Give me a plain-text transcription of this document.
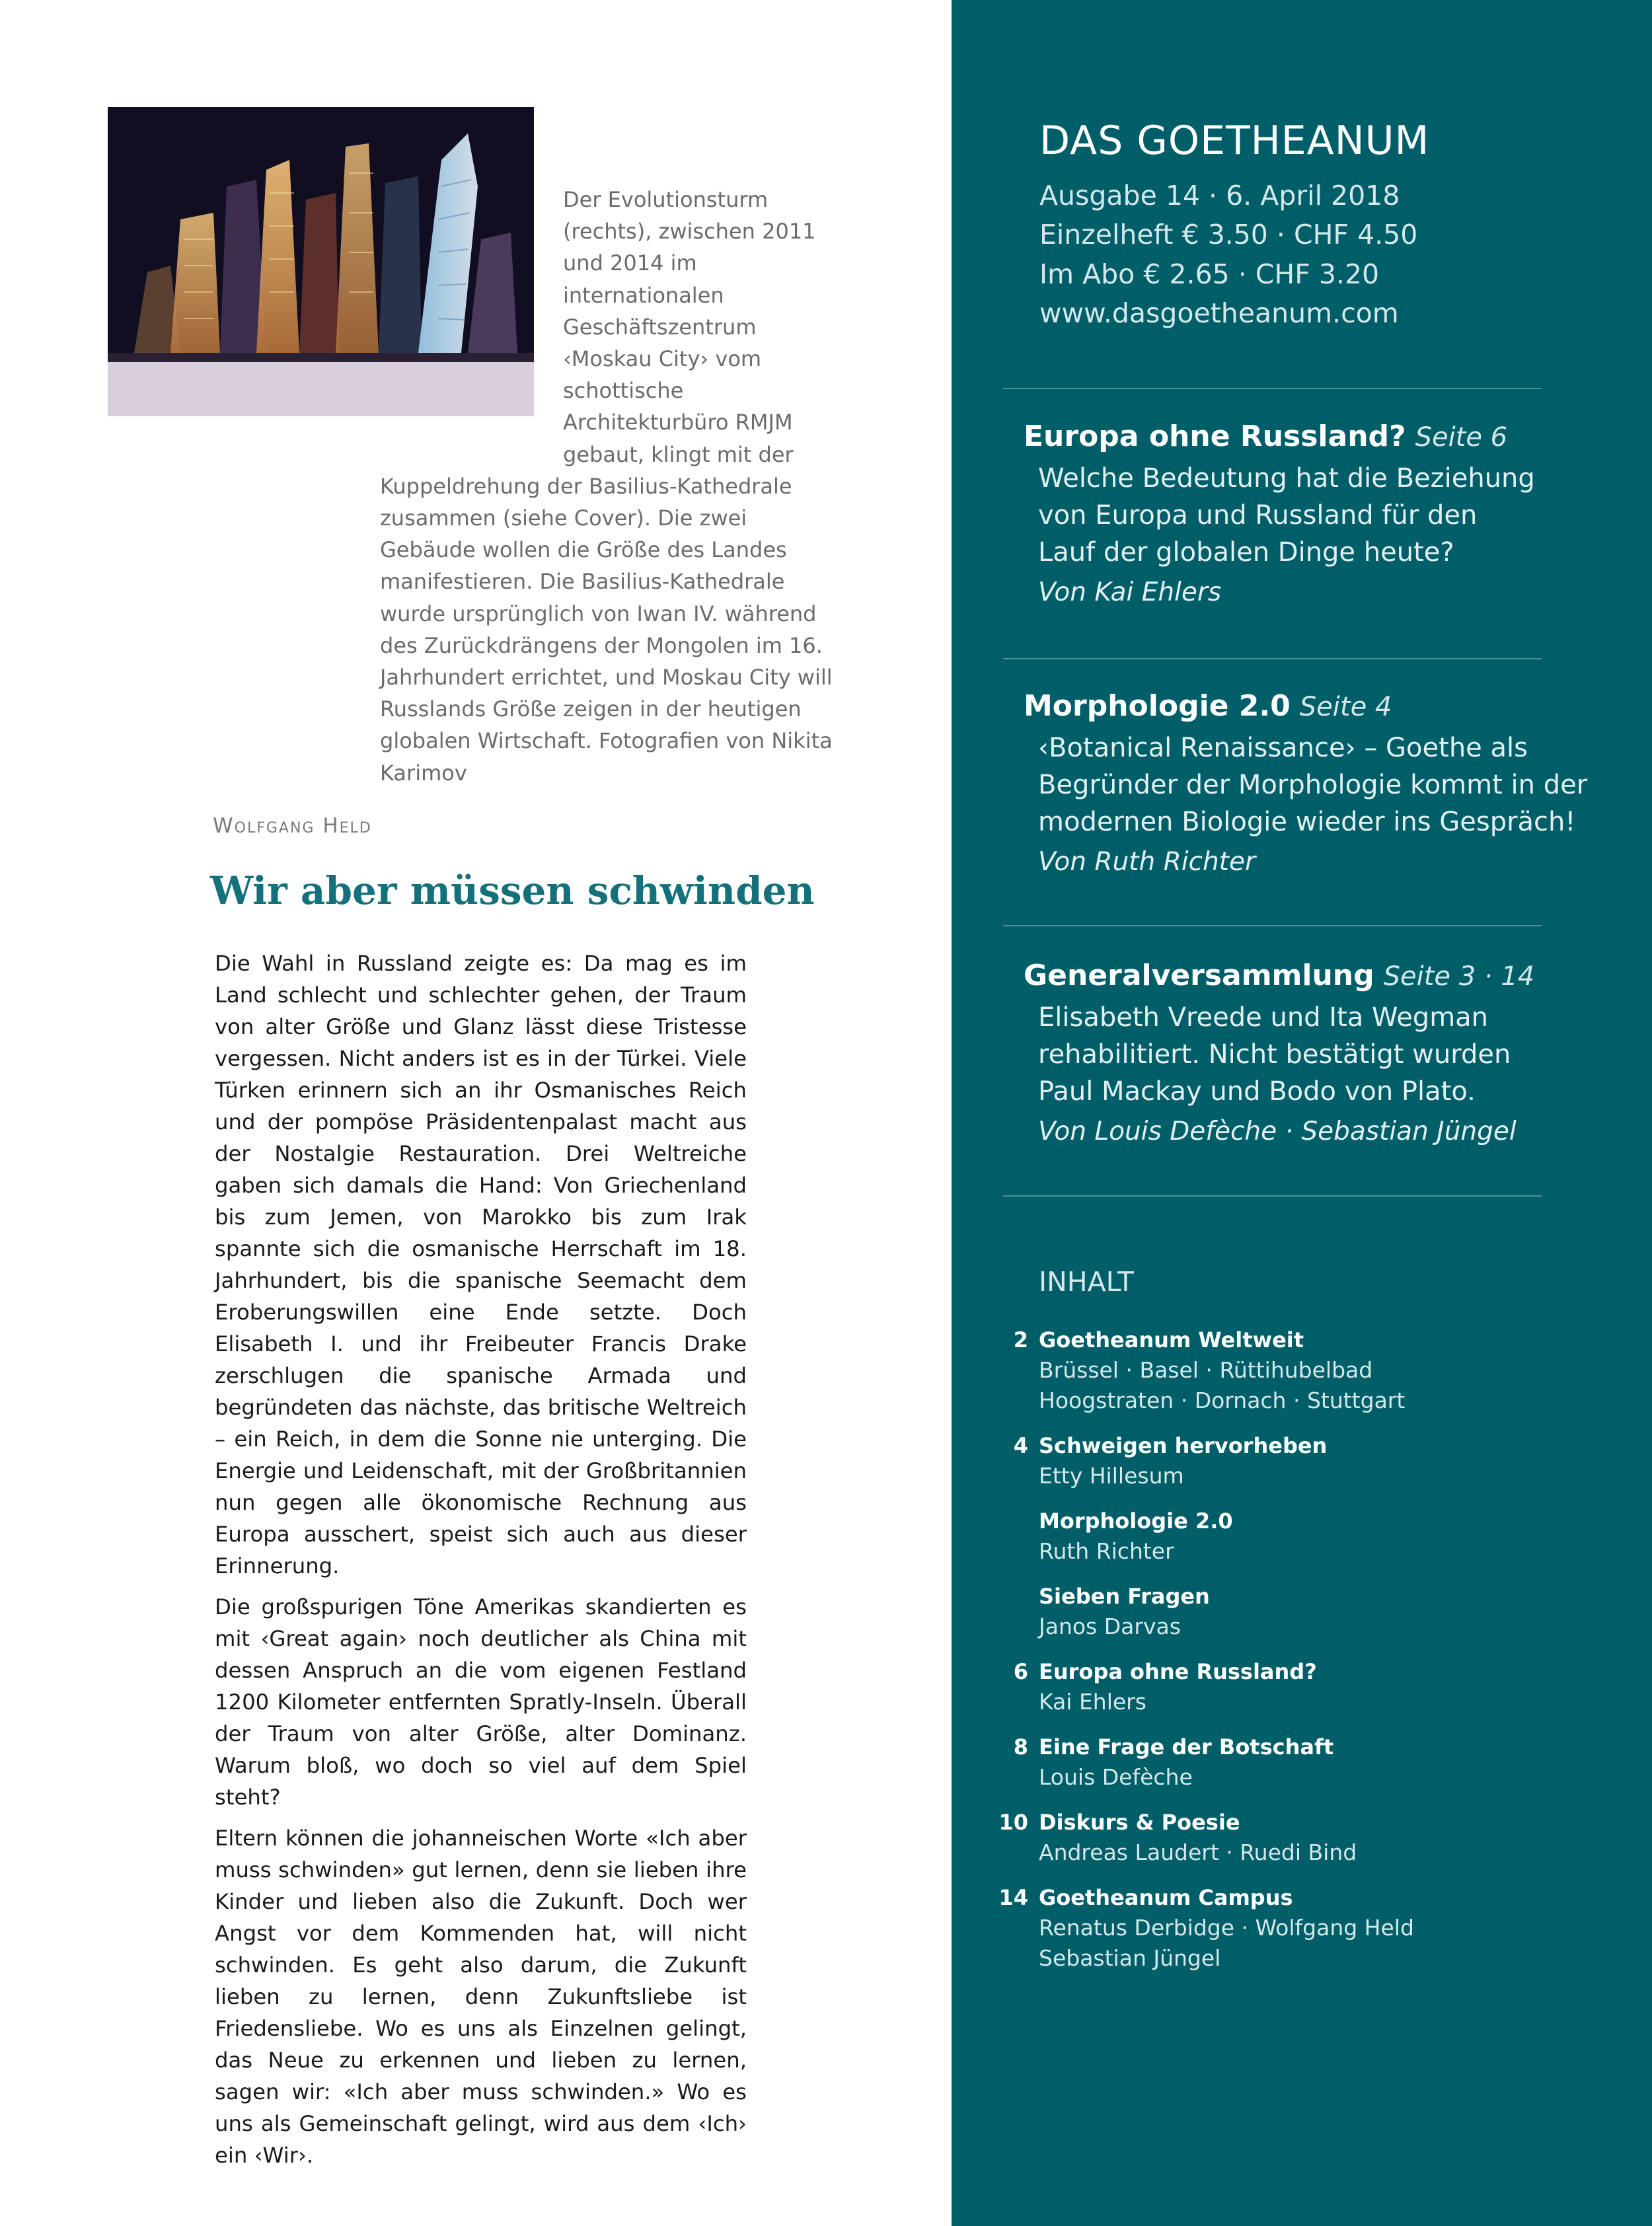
Der Evolutionsturm (rechts), zwischen 2011 und 2014 im internationalen Geschäftszentrum ‹Moskau City› vom schottische Architekturbüro RMJM gebaut, klingt mit der Kuppeldrehung der Basilius-Kathedrale zusammen (siehe Cover). Die zwei Gebäude wollen die Größe des Landes manifestieren. Die Basilius-Kathedrale wurde ursprünglich von Iwan IV. während des Zurückdrängens der Mongolen im 16. Jahrhundert errichtet, und Moskau City will Russlands Größe zeigen in der heutigen globalen Wirtschaft. Fotografien von Nikita Karimov

Wolfgang Held
Wir aber müssen schwinden

Die Wahl in Russland zeigte es: Da mag es im Land schlecht und schlechter gehen, der Traum von alter Größe und Glanz lässt diese Tristesse vergessen. Nicht anders ist es in der Türkei. Viele Türken erinnern sich an ihr Osmanisches Reich und der pompöse Präsidentenpalast macht aus der Nostalgie Restauration. Drei Weltreiche gaben sich damals die Hand: Von Griechenland bis zum Jemen, von Marokko bis zum Irak spannte sich die osmanische Herrschaft im 18. Jahrhundert, bis die spanische Seemacht dem Eroberungswillen eine Ende setzte. Doch Elisabeth I. und ihr Freibeuter Francis Drake zerschlugen die spanische Armada und begründeten das nächste, das britische Weltreich – ein Reich, in dem die Sonne nie unterging. Die Energie und Leidenschaft, mit der Großbritannien nun gegen alle ökonomische Rechnung aus Europa ausschert, speist sich auch aus dieser Erinnerung.

Die großspurigen Töne Amerikas skandierten es mit ‹Great again› noch deutlicher als China mit dessen Anspruch an die vom eigenen Festland 1200 Kilometer entfernten Spratly-Inseln. Überall der Traum von alter Größe, alter Dominanz. Warum bloß, wo doch so viel auf dem Spiel steht?

Eltern können die johanneischen Worte «Ich aber muss schwinden» gut lernen, denn sie lieben ihre Kinder und lieben also die Zukunft. Doch wer Angst vor dem Kommenden hat, will nicht schwinden. Es geht also darum, die Zukunft lieben zu lernen, denn Zukunftsliebe ist Friedensliebe. Wo es uns als Einzelnen gelingt, das Neue zu erkennen und lieben zu lernen, sagen wir: «Ich aber muss schwinden.» Wo es uns als Gemeinschaft gelingt, wird aus dem ‹Ich› ein ‹Wir›.

DAS GOETHEANUM
Ausgabe 14 · 6. April 2018
Einzelheft € 3.50 · CHF 4.50
Im Abo € 2.65 · CHF 3.20
www.dasgoetheanum.com
Europa ohne Russland? Seite 6
Welche Bedeutung hat die Beziehung
von Europa und Russland für den
Lauf der globalen Dinge heute?
Von Kai Ehlers
Morphologie 2.0 Seite 4
‹Botanical Renaissance› – Goethe als
Begründer der Morphologie kommt in der
modernen Biologie wieder ins Gespräch!
Von Ruth Richter
Generalversammlung Seite 3 · 14
Elisabeth Vreede und Ita Wegman
rehabilitiert. Nicht bestätigt wurden
Paul Mackay und Bodo von Plato.
Von Louis Defèche · Sebastian Jüngel
INHALT
2 Goetheanum Weltweit
Brüssel · Basel · Rüttihubelbad
Hoogstraten · Dornach · Stuttgart
4 Schweigen hervorheben
Etty Hillesum
Morphologie 2.0
Ruth Richter
Sieben Fragen
Janos Darvas
6 Europa ohne Russland?
Kai Ehlers
8 Eine Frage der Botschaft
Louis Defèche
10 Diskurs & Poesie
Andreas Laudert · Ruedi Bind
14 Goetheanum Campus
Renatus Derbidge · Wolfgang Held
Sebastian Jüngel
